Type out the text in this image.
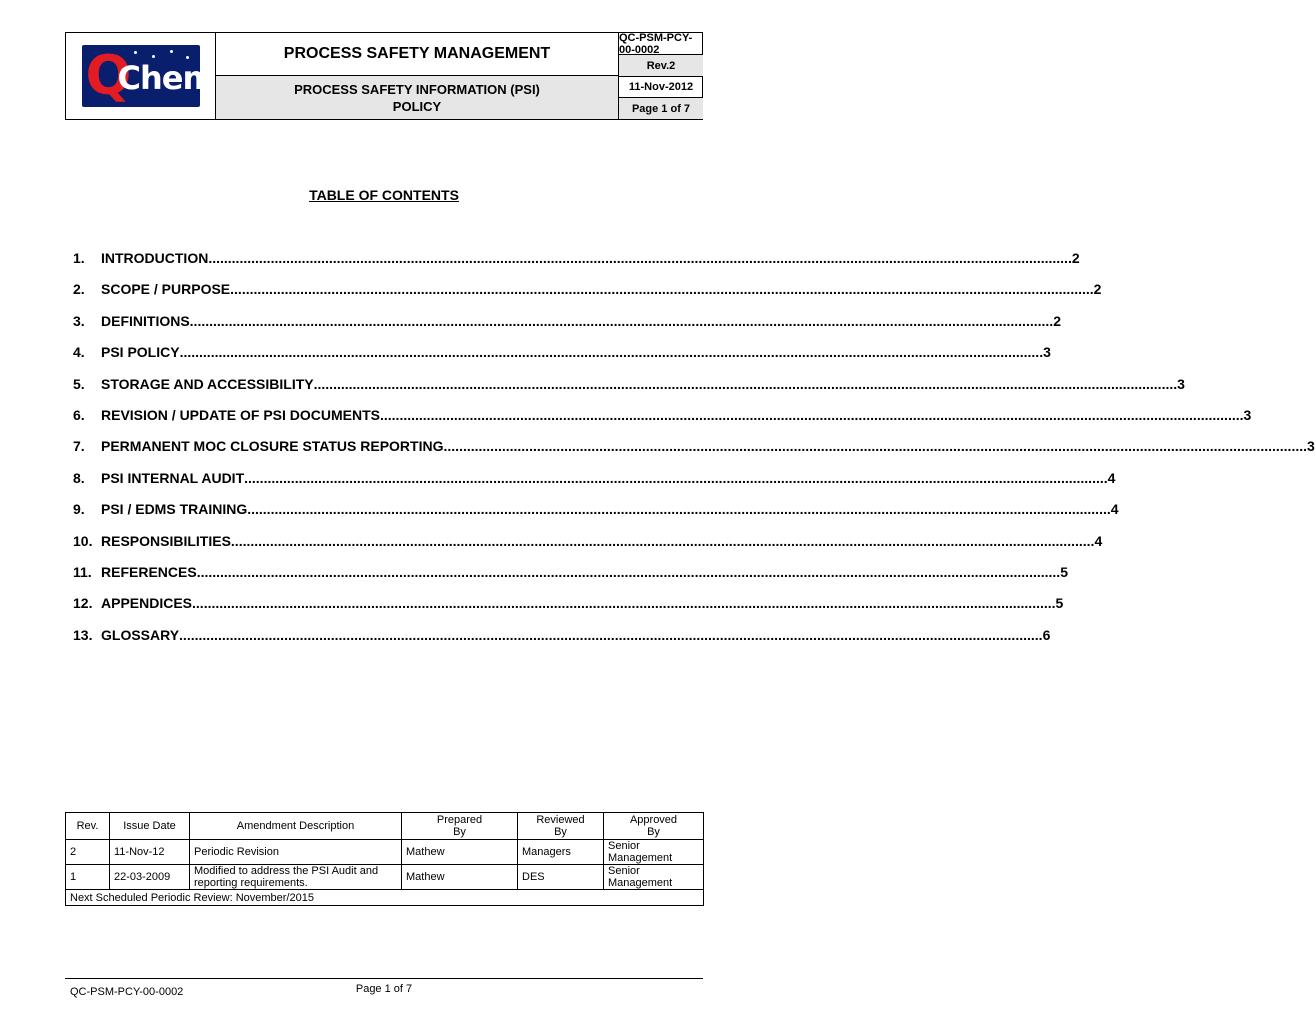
Q
Chem
PROCESS SAFETY MANAGEMENT
PROCESS SAFETY INFORMATION (PSI) POLICY
QC-PSM-PCY-00-0002
Rev.2
11-Nov-2012
Page 1 of 7
TABLE OF CONTENTS
1.	INTRODUCTION .....	2
2.	SCOPE / PURPOSE .....	2
3.	DEFINITIONS .....	2
4.	PSI POLICY .....	3
5.	STORAGE AND ACCESSIBILITY .....	3
6.	REVISION / UPDATE OF PSI DOCUMENTS .....	3
7.	PERMANENT MOC CLOSURE STATUS REPORTING .....	3
8.	PSI INTERNAL AUDIT .....	4
9.	PSI / EDMS TRAINING .....	4
10. RESPONSIBILITIES .....	4
11. REFERENCES .....	5
12. APPENDICES .....	5
13. GLOSSARY .....	6
Rev.	Issue Date	Amendment Description	Prepared By	Reviewed By	Approved By
2	11-Nov-12	Periodic Revision	Mathew	Managers	Senior Management
1	22-03-2009	Modified to address the PSI Audit and reporting requirements.	Mathew	DES	Senior Management
Next Scheduled Periodic Review: November/2015					
QC-PSM-PCY-00-0002	Page 1 of 7
